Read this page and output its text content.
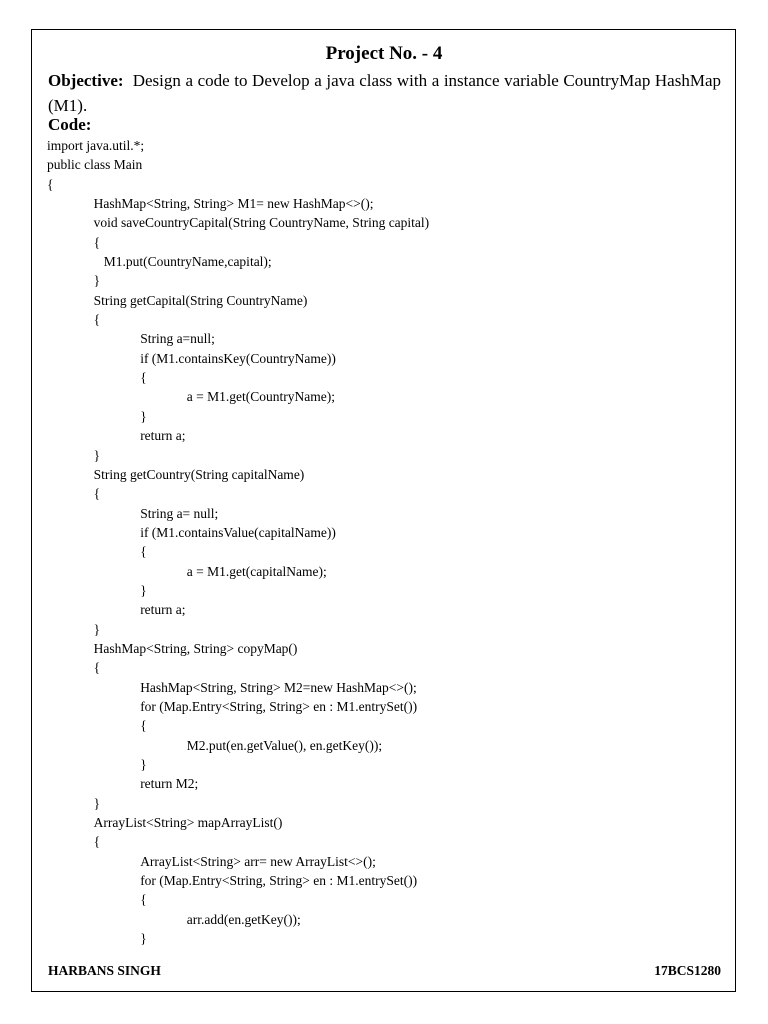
Project No. - 4
Objective: Design a code to Develop a java class with a instance variable CountryMap HashMap (M1).
Code:
import java.util.*;
public class Main
{
HashMap<String, String> M1= new HashMap<>();
void saveCountryCapital(String CountryName, String capital)
{
M1.put(CountryName,capital);
}
String getCapital(String CountryName)
{
String a=null;
if (M1.containsKey(CountryName))
{
a = M1.get(CountryName);
}
return a;
}
String getCountry(String capitalName)
{
String a= null;
if (M1.containsValue(capitalName))
{
a = M1.get(capitalName);
}
return a;
}
HashMap<String, String> copyMap()
{
HashMap<String, String> M2=new HashMap<>();
for (Map.Entry<String, String> en : M1.entrySet())
{
M2.put(en.getValue(), en.getKey());
}
return M2;
}
ArrayList<String> mapArrayList()
{
ArrayList<String> arr= new ArrayList<>();
for (Map.Entry<String, String> en : M1.entrySet())
{
arr.add(en.getKey());
}
HARBANS SINGH	17BCS1280
